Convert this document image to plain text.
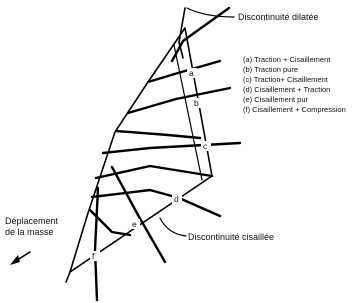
a
b
c
d
e
f
Discontinuité dilatée
Discontinuité cisaillée
(a) Traction + Cisaillement
(b) Traction pure
(c) Traction+ Cisaillement
(d) Cisaillement + Traction
(e) Cisaillement pur
(f) Cisaillement + Compression
Déplacement
de la masse
